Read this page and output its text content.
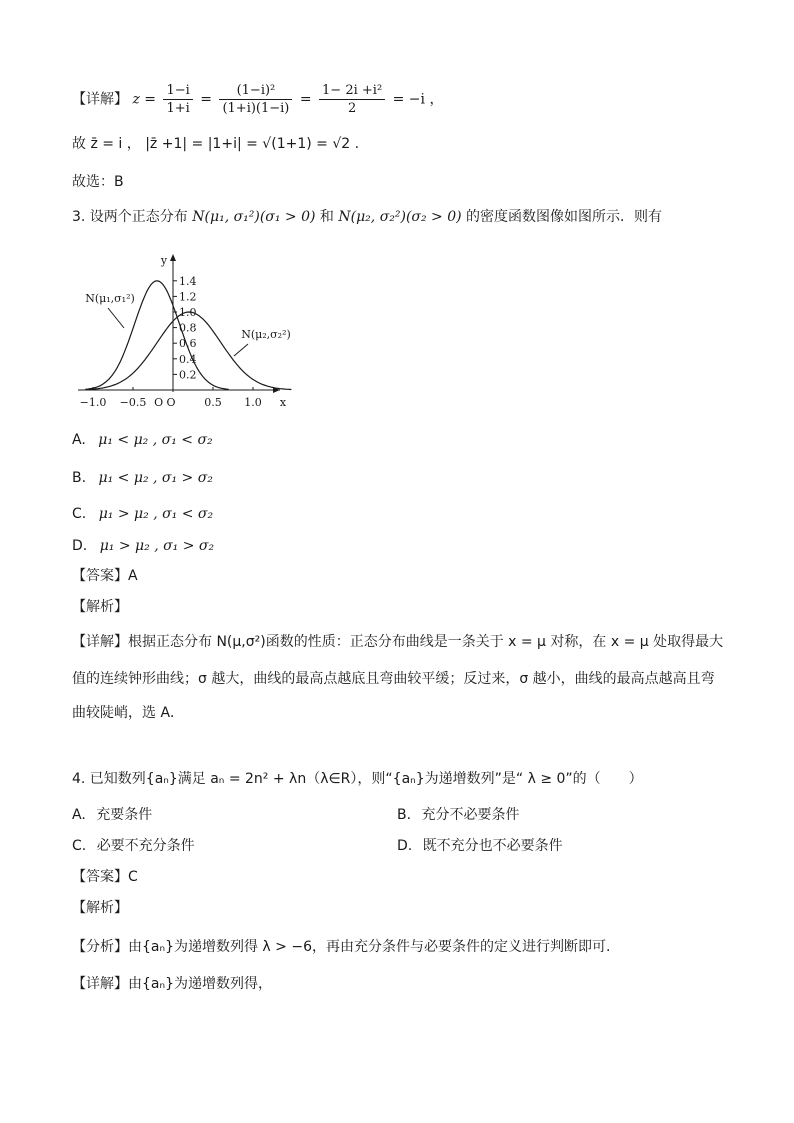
【详解】 $z = \frac{1-i}{1+i} = \frac{\text{(1−i)²}}{(1+i)(1-i)} = \frac{\text{1− 2i +i²}}{2} = -i$ ，
故 z̄ = i ， |z̄ +1| = |1+i| = √(1+1) = √2 .
故选：B
3. 设两个正态分布 N(μ₁, σ₁²)(σ₁ > 0) 和 N(μ₂, σ₂²)(σ₂ > 0) 的密度函数图像如图所示．则有
y
x
1.4
1.2
1.0
0.8
0.6
0.4
0.2
−1.0 −0.5 O	0.5 1.0
O
N(μ₁,σ₁²)
N(μ₂,σ₂²)
A. μ₁ < μ₂ , σ₁ < σ₂
B. μ₁ < μ₂ , σ₁ > σ₂
C. μ₁ > μ₂ , σ₁ < σ₂
D. μ₁ > μ₂ , σ₁ > σ₂
【答案】A
【解析】
【详解】根据正态分布 N(μ,σ²)函数的性质：正态分布曲线是一条关于 x = μ 对称，在 x = μ 处取得最大
值的连续钟形曲线；σ 越大，曲线的最高点越底且弯曲较平缓；反过来，σ 越小，曲线的最高点越高且弯
曲较陡峭，选 A．
4. 已知数列{aₙ}满足 aₙ = 2n² + λn（λ∈R），则“{aₙ}为递增数列”是“ λ ≥ 0”的（　　）
A. 充要条件	B. 充分不必要条件
C. 必要不充分条件	D. 既不充分也不必要条件
【答案】C
【解析】
【分析】由{aₙ}为递增数列得 λ > −6，再由充分条件与必要条件的定义进行判断即可.
【详解】由{aₙ}为递增数列得，
